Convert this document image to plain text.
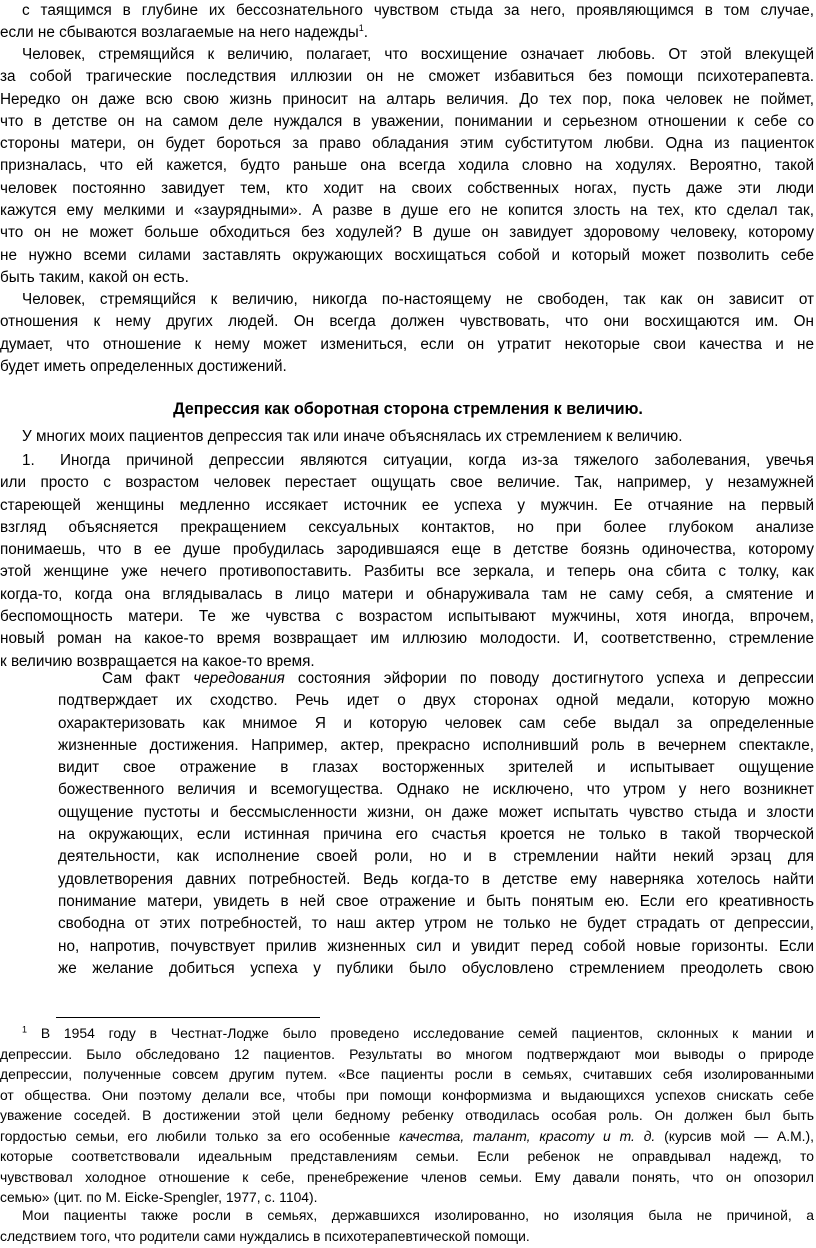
с таящимся в глубине их бессознательного чувством стыда за него, проявляющимся в том случае,
если не сбываются возлагаемые на него надежды$^1$.
Человек, стремящийся к величию, полагает, что восхищение означает любовь. От этой влекущей
за собой трагические последствия иллюзии он не сможет избавиться без помощи психотерапевта.
Нередко он даже всю свою жизнь приносит на алтарь величия. До тех пор, пока человек не поймет,
что в детстве он на самом деле нуждался в уважении, понимании и серьезном отношении к себе со
стороны матери, он будет бороться за право обладания этим субститутом любви. Одна из пациенток
призналась, что ей кажется, будто раньше она всегда ходила словно на ходулях. Вероятно, такой
человек постоянно завидует тем, кто ходит на своих собственных ногах, пусть даже эти люди
кажутся ему мелкими и «заурядными». А разве в душе его не копится злость на тех, кто сделал так,
что он не может больше обходиться без ходулей? В душе он завидует здоровому человеку, которому
не нужно всеми силами заставлять окружающих восхищаться собой и который может позволить себе
быть таким, какой он есть.
Человек, стремящийся к величию, никогда по-настоящему не свободен, так как он зависит от
отношения к нему других людей. Он всегда должен чувствовать, что они восхищаются им. Он
думает, что отношение к нему может измениться, если он утратит некоторые свои качества и не
будет иметь определенных достижений.
Депрессия как оборотная сторона стремления к величию.
У многих моих пациентов депрессия так или иначе объяснялась их стремлением к величию.
1. Иногда причиной депрессии являются ситуации, когда из-за тяжелого заболевания, увечья
или просто с возрастом человек перестает ощущать свое величие. Так, например, у незамужней
стареющей женщины медленно иссякает источник ее успеха у мужчин. Ее отчаяние на первый
взгляд объясняется прекращением сексуальных контактов, но при более глубоком анализе
понимаешь, что в ее душе пробудилась зародившаяся еще в детстве боязнь одиночества, которому
этой женщине уже нечего противопоставить. Разбиты все зеркала, и теперь она сбита с толку, как
когда-то, когда она вглядывалась в лицо матери и обнаруживала там не саму себя, а смятение и
беспомощность матери. Те же чувства с возрастом испытывают мужчины, хотя иногда, впрочем,
новый роман на какое-то время возвращает им иллюзию молодости. И, соответственно, стремление
к величию возвращается на какое-то время.
Сам факт чередования состояния эйфории по поводу достигнутого успеха и депрессии
подтверждает их сходство. Речь идет о двух сторонах одной медали, которую можно
охарактеризовать как мнимое Я и которую человек сам себе выдал за определенные
жизненные достижения. Например, актер, прекрасно исполнивший роль в вечернем спектакле,
видит свое отражение в глазах восторженных зрителей и испытывает ощущение
божественного величия и всемогущества. Однако не исключено, что утром у него возникнет
ощущение пустоты и бессмысленности жизни, он даже может испытать чувство стыда и злости
на окружающих, если истинная причина его счастья кроется не только в такой творческой
деятельности, как исполнение своей роли, но и в стремлении найти некий эрзац для
удовлетворения давних потребностей. Ведь когда-то в детстве ему наверняка хотелось найти
понимание матери, увидеть в ней свое отражение и быть понятым ею. Если его креативность
свободна от этих потребностей, то наш актер утром не только не будет страдать от депрессии,
но, напротив, почувствует прилив жизненных сил и увидит перед собой новые горизонты. Если
же желание добиться успеха у публики было обусловлено стремлением преодолеть свою
$^1$ В 1954 году в Честнат-Лодже было проведено исследование семей пациентов, склонных к мании и
депрессии. Было обследовано 12 пациентов. Результаты во многом подтверждают мои выводы о природе
депрессии, полученные совсем другим путем. «Все пациенты росли в семьях, считавших себя изолированными
от общества. Они поэтому делали все, чтобы при помощи конформизма и выдающихся успехов снискать себе
уважение соседей. В достижении этой цели бедному ребенку отводилась особая роль. Он должен был быть
гордостью семьи, его любили только за его особенные качества, талант, красоту и т. д. (курсив мой — А.М.),
которые соответствовали идеальным представлениям семьи. Если ребенок не оправдывал надежд, то
чувствовал холодное отношение к себе, пренебрежение членов семьи. Ему давали понять, что он опозорил
семью» (цит. по M. Eicke-Spengler, 1977, с. 1104).
Мои пациенты также росли в семьях, державшихся изолированно, но изоляция была не причиной, а
следствием того, что родители сами нуждались в психотерапевтической помощи.
